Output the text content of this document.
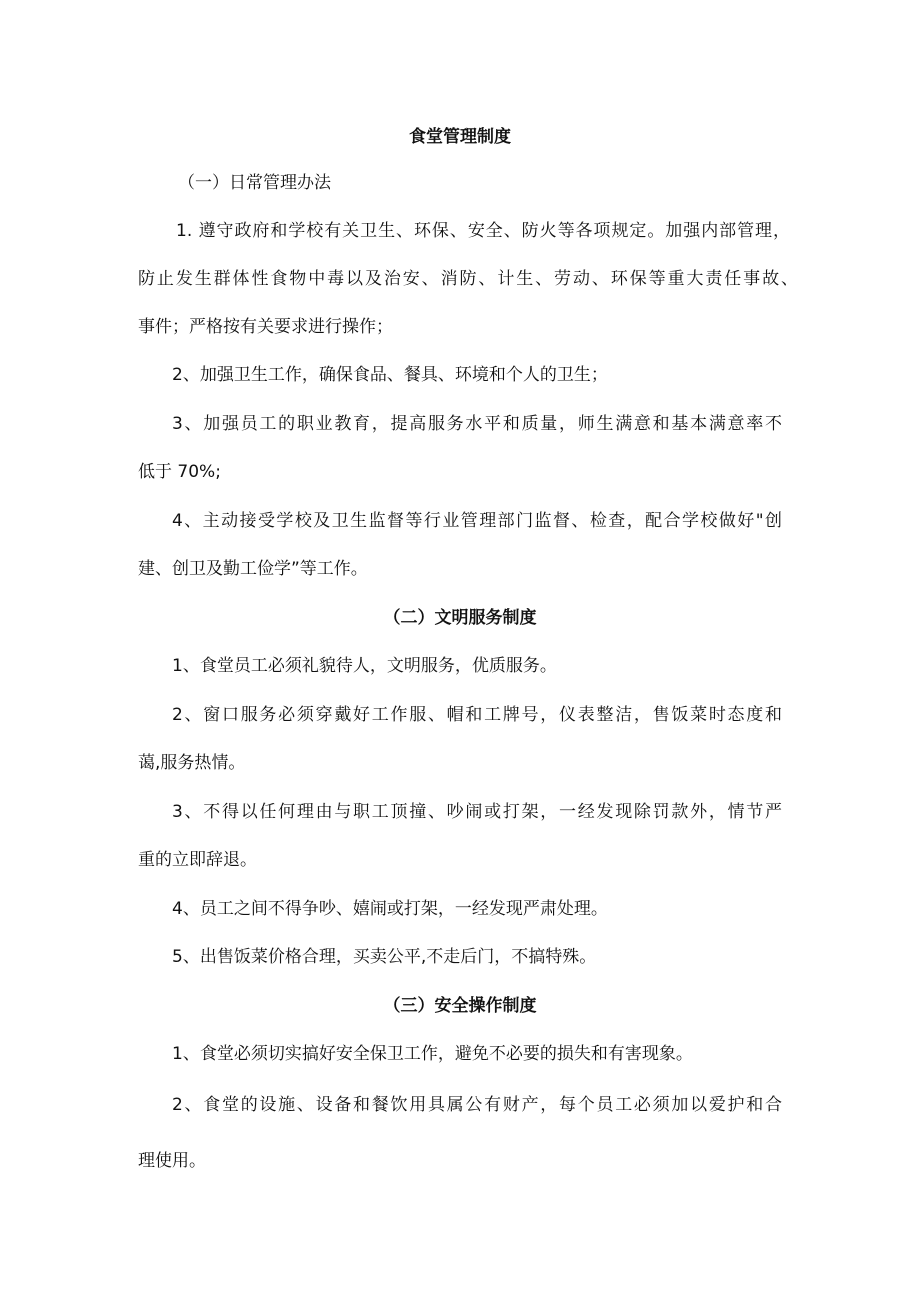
食堂管理制度
（一）日常管理办法
1. 遵守政府和学校有关卫生、环保、安全、防火等各项规定。加强内部管理，
防止发生群体性食物中毒以及治安、消防、计生、劳动、环保等重大责任事故、
事件；严格按有关要求进行操作；
2、加强卫生工作，确保食品、餐具、环境和个人的卫生；
3、加强员工的职业教育，提高服务水平和质量，师生满意和基本满意率不
低于 70%;
4、主动接受学校及卫生监督等行业管理部门监督、检查，配合学校做好"创
建、创卫及勤工俭学”等工作。
（二）文明服务制度
1、食堂员工必须礼貌待人，文明服务，优质服务。
2、窗口服务必须穿戴好工作服、帽和工牌号，仪表整洁，售饭菜时态度和
蔼,服务热情。
3、不得以任何理由与职工顶撞、吵闹或打架，一经发现除罚款外，情节严
重的立即辞退。
4、员工之间不得争吵、嬉闹或打架，一经发现严肃处理。
5、出售饭菜价格合理，买卖公平,不走后门，不搞特殊。
（三）安全操作制度
1、食堂必须切实搞好安全保卫工作，避免不必要的损失和有害现象。
2、食堂的设施、设备和餐饮用具属公有财产，每个员工必须加以爱护和合
理使用。
